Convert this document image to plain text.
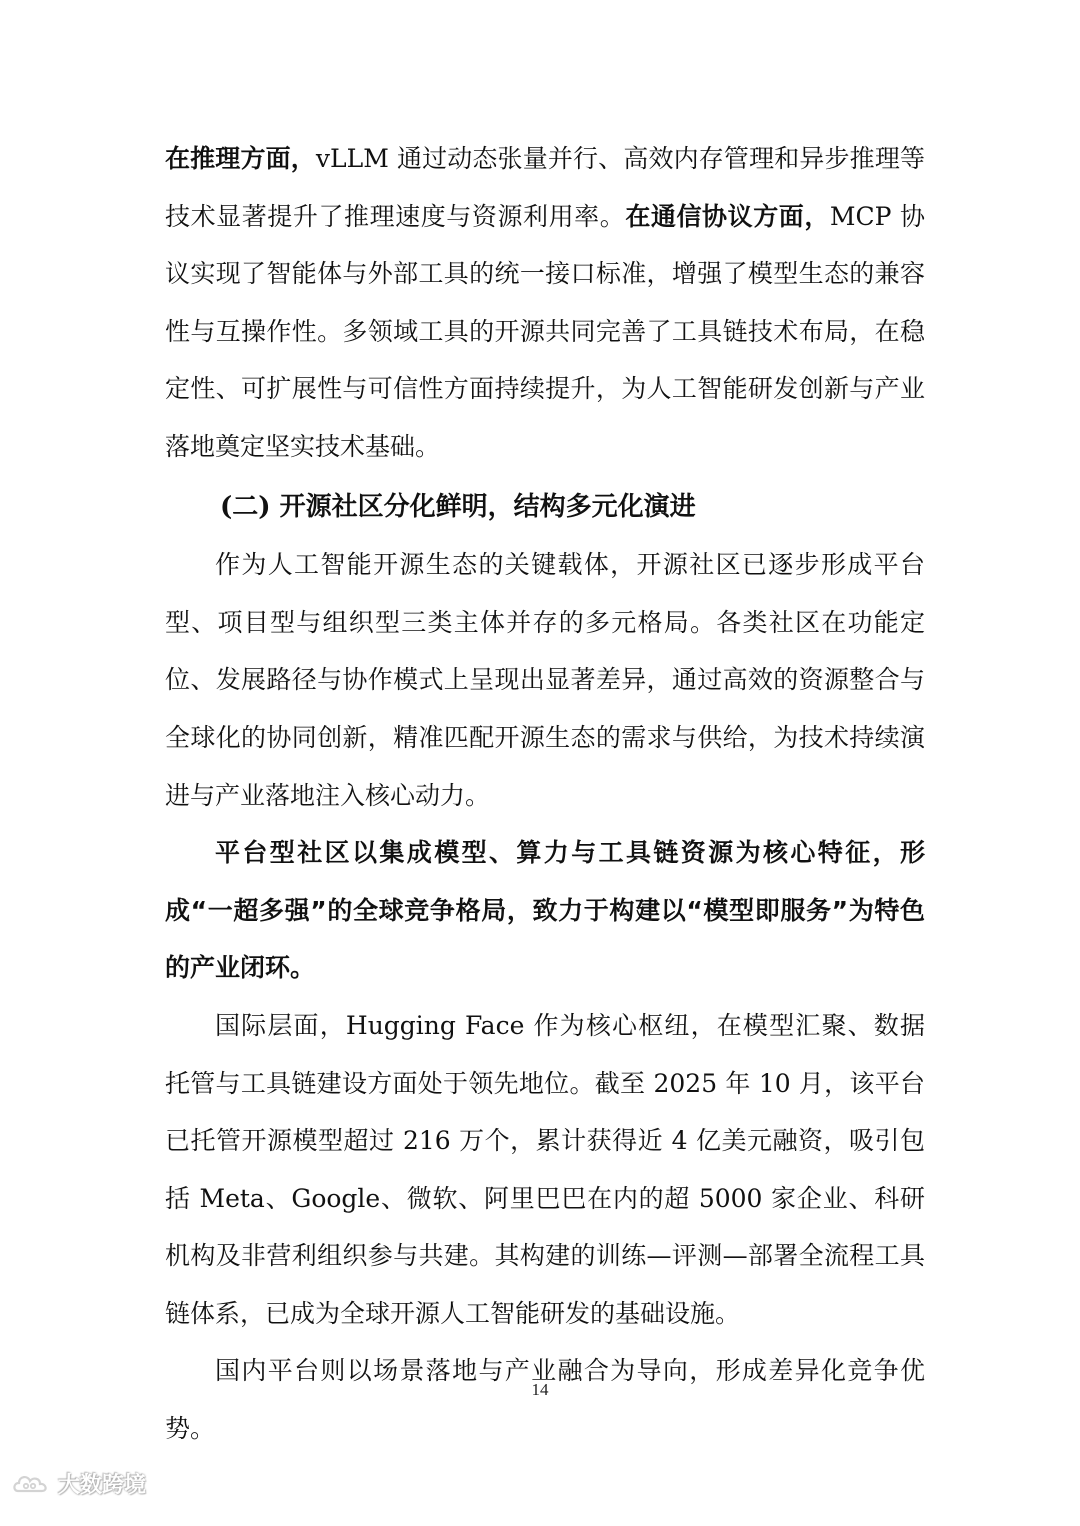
在推理方面，vLLM 通过动态张量并行、高效内存管理和异步推理等技术显著提升了推理速度与资源利用率。在通信协议方面，MCP 协议实现了智能体与外部工具的统一接口标准，增强了模型生态的兼容性与互操作性。多领域工具的开源共同完善了工具链技术布局，在稳定性、可扩展性与可信性方面持续提升，为人工智能研发创新与产业落地奠定坚实技术基础。

(二) 开源社区分化鲜明，结构多元化演进

作为人工智能开源生态的关键载体，开源社区已逐步形成平台型、项目型与组织型三类主体并存的多元格局。各类社区在功能定位、发展路径与协作模式上呈现出显著差异，通过高效的资源整合与全球化的协同创新，精准匹配开源生态的需求与供给，为技术持续演进与产业落地注入核心动力。

平台型社区以集成模型、算力与工具链资源为核心特征，形成“一超多强”的全球竞争格局，致力于构建以“模型即服务”为特色的产业闭环。

国际层面，Hugging Face 作为核心枢纽，在模型汇聚、数据托管与工具链建设方面处于领先地位。截至 2025 年 10 月，该平台已托管开源模型超过 216 万个，累计获得近 4 亿美元融资，吸引包括 Meta、Google、微软、阿里巴巴在内的超 5000 家企业、科研机构及非营利组织参与共建。其构建的训练—评测—部署全流程工具链体系，已成为全球开源人工智能研发的基础设施。

国内平台则以场景落地与产业融合为导向，形成差异化竞争优势。

14
大数跨境
